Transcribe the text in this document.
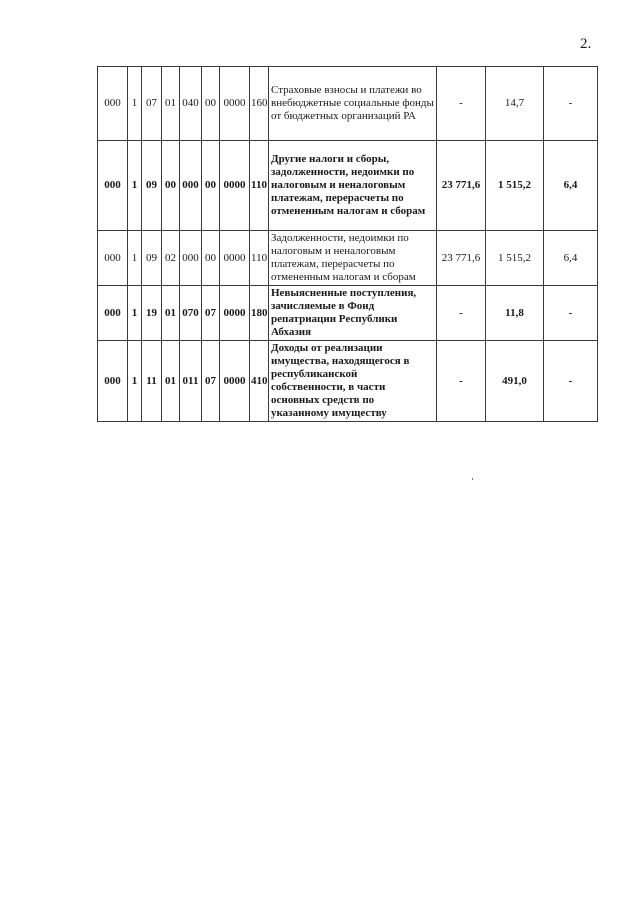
2.
000	1	07	01	040	00	0000	160	Страховые взносы и платежи во внебюджетные социальные фонды от бюджетных организаций РА	-	14,7	-
000	1	09	00	000	00	0000	110	Другие налоги и сборы, задолженности, недоимки по налоговым и неналоговым платежам, перерасчеты по отмененным налогам и сборам	23 771,6	1 515,2	6,4
000	1	09	02	000	00	0000	110	Задолженности, недоимки по налоговым и неналоговым платежам, перерасчеты по отмененным налогам и сборам	23 771,6	1 515,2	6,4
000	1	19	01	070	07	0000	180	Невыясненные поступления, зачисляемые в Фонд репатриации Республики Абхазия	-	11,8	-
000	1	11	01	011	07	0000	410	Доходы от реализации имущества, находящегося в республиканской собственности, в части основных средств по указанному имуществу	-	491,0	-
